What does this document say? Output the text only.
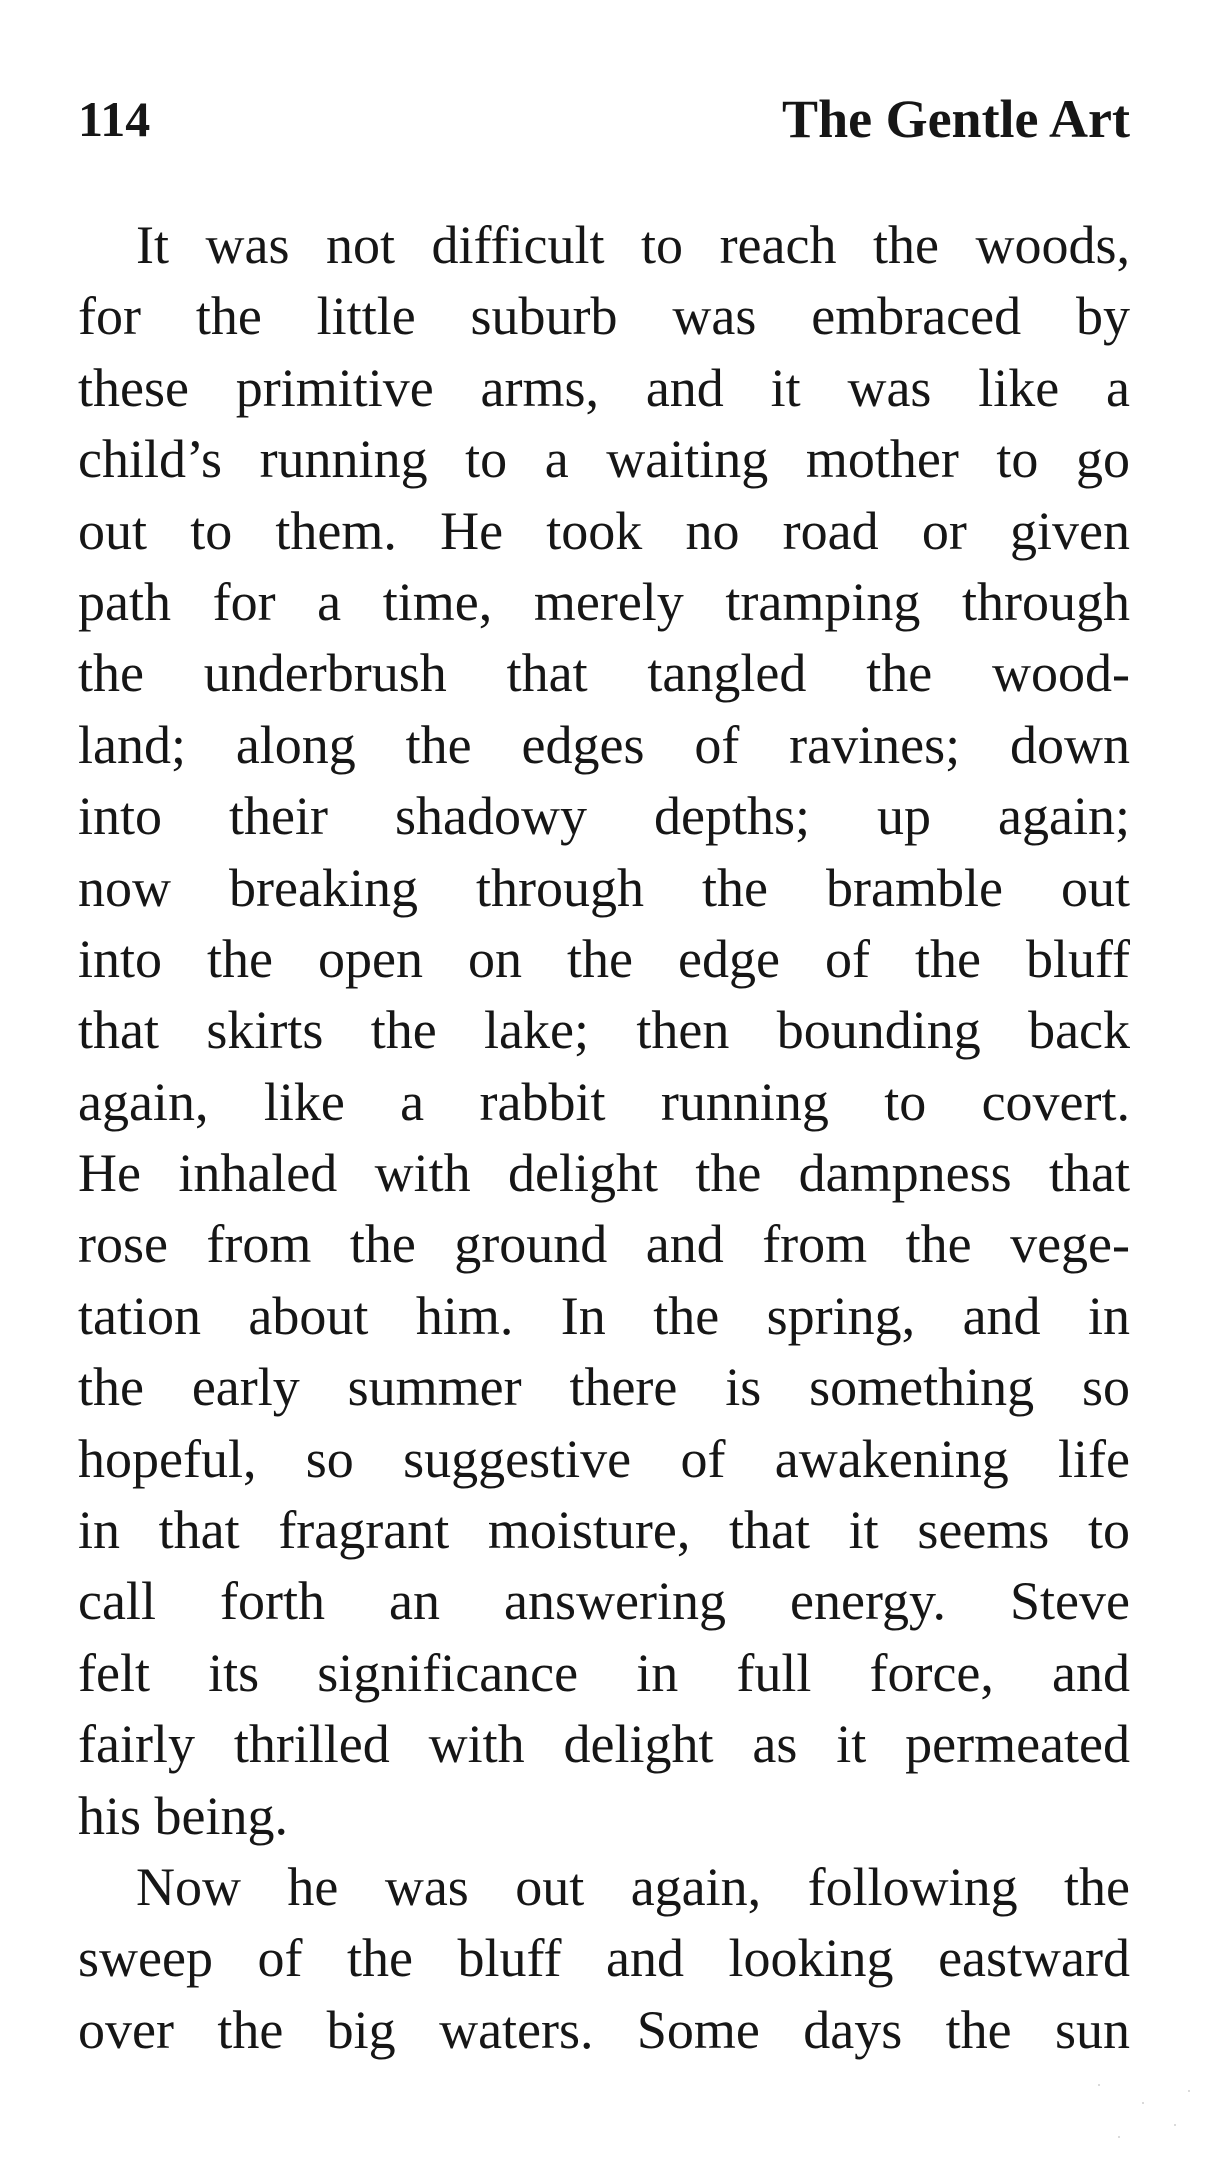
114	The Gentle Art
It was not difficult to reach the woods,
for the little suburb was embraced by
these primitive arms, and it was like a
child’s running to a waiting mother to go
out to them. He took no road or given
path for a time, merely tramping through
the underbrush that tangled the wood-
land; along the edges of ravines; down
into their shadowy depths; up again;
now breaking through the bramble out
into the open on the edge of the bluff
that skirts the lake; then bounding back
again, like a rabbit running to covert.
He inhaled with delight the dampness that
rose from the ground and from the vege-
tation about him. In the spring, and in
the early summer there is something so
hopeful, so suggestive of awakening life
in that fragrant moisture, that it seems to
call forth an answering energy. Steve
felt its significance in full force, and
fairly thrilled with delight as it permeated
his being.
Now he was out again, following the
sweep of the bluff and looking eastward
over the big waters. Some days the sun
